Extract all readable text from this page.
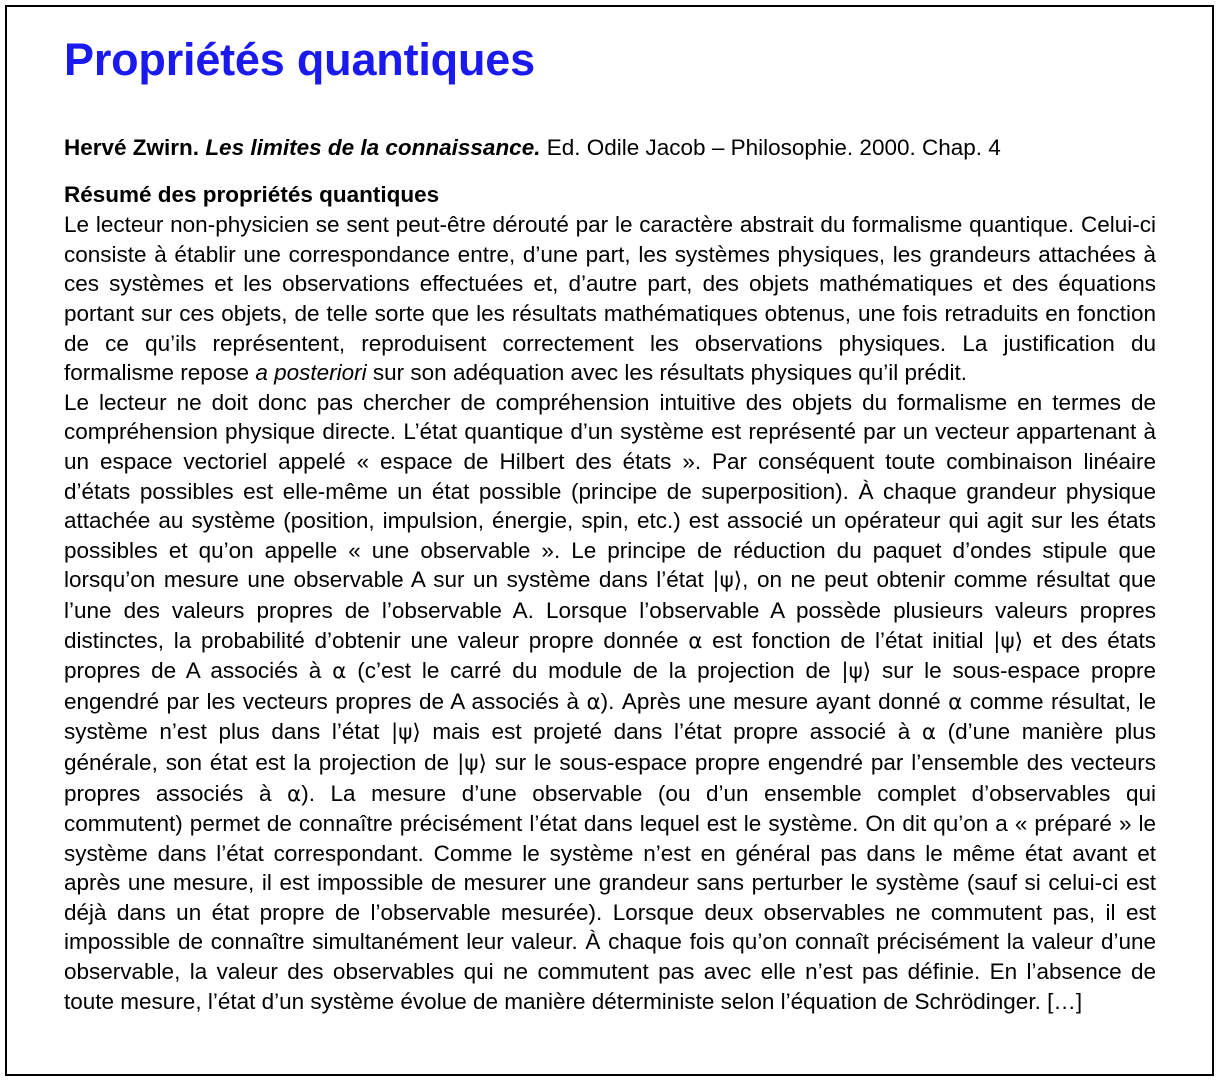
Propriétés quantiques

Hervé Zwirn. Les limites de la connaissance. Ed. Odile Jacob – Philosophie. 2000. Chap. 4

Résumé des propriétés quantiques

Le lecteur non-physicien se sent peut-être dérouté par le caractère abstrait du formalisme quantique. Celui-ci consiste à établir une correspondance entre, d’une part, les systèmes physiques, les grandeurs attachées à ces systèmes et les observations effectuées et, d’autre part, des objets mathématiques et des équations portant sur ces objets, de telle sorte que les résultats mathématiques obtenus, une fois retraduits en fonction de ce qu’ils représentent, reproduisent correctement les observations physiques. La justification du formalisme repose a posteriori sur son adéquation avec les résultats physiques qu’il prédit.

Le lecteur ne doit donc pas chercher de compréhension intuitive des objets du formalisme en termes de compréhension physique directe. L’état quantique d’un système est représenté par un vecteur appartenant à un espace vectoriel appelé « espace de Hilbert des états ». Par conséquent toute combinaison linéaire d’états possibles est elle-même un état possible (principe de superposition). À chaque grandeur physique attachée au système (position, impulsion, énergie, spin, etc.) est associé un opérateur qui agit sur les états possibles et qu’on appelle « une observable ». Le principe de réduction du paquet d’ondes stipule que lorsqu’on mesure une observable A sur un système dans l’état |ψ⟩, on ne peut obtenir comme résultat que l’une des valeurs propres de l’observable A. Lorsque l’observable A possède plusieurs valeurs propres distinctes, la probabilité d’obtenir une valeur propre donnée α est fonction de l’état initial |ψ⟩ et des états propres de A associés à α (c’est le carré du module de la projection de |ψ⟩ sur le sous-espace propre engendré par les vecteurs propres de A associés à α). Après une mesure ayant donné α comme résultat, le système n’est plus dans l’état |ψ⟩ mais est projeté dans l’état propre associé à α (d’une manière plus générale, son état est la projection de |ψ⟩ sur le sous-espace propre engendré par l’ensemble des vecteurs propres associés à α). La mesure d’une observable (ou d’un ensemble complet d’observables qui commutent) permet de connaître précisément l’état dans lequel est le système. On dit qu’on a « préparé » le système dans l’état correspondant. Comme le système n’est en général pas dans le même état avant et après une mesure, il est impossible de mesurer une grandeur sans perturber le système (sauf si celui-ci est déjà dans un état propre de l’observable mesurée). Lorsque deux observables ne commutent pas, il est impossible de connaître simultanément leur valeur. À chaque fois qu’on connaît précisément la valeur d’une observable, la valeur des observables qui ne commutent pas avec elle n’est pas définie. En l’absence de toute mesure, l’état d’un système évolue de manière déterministe selon l’équation de Schrödinger. […]
